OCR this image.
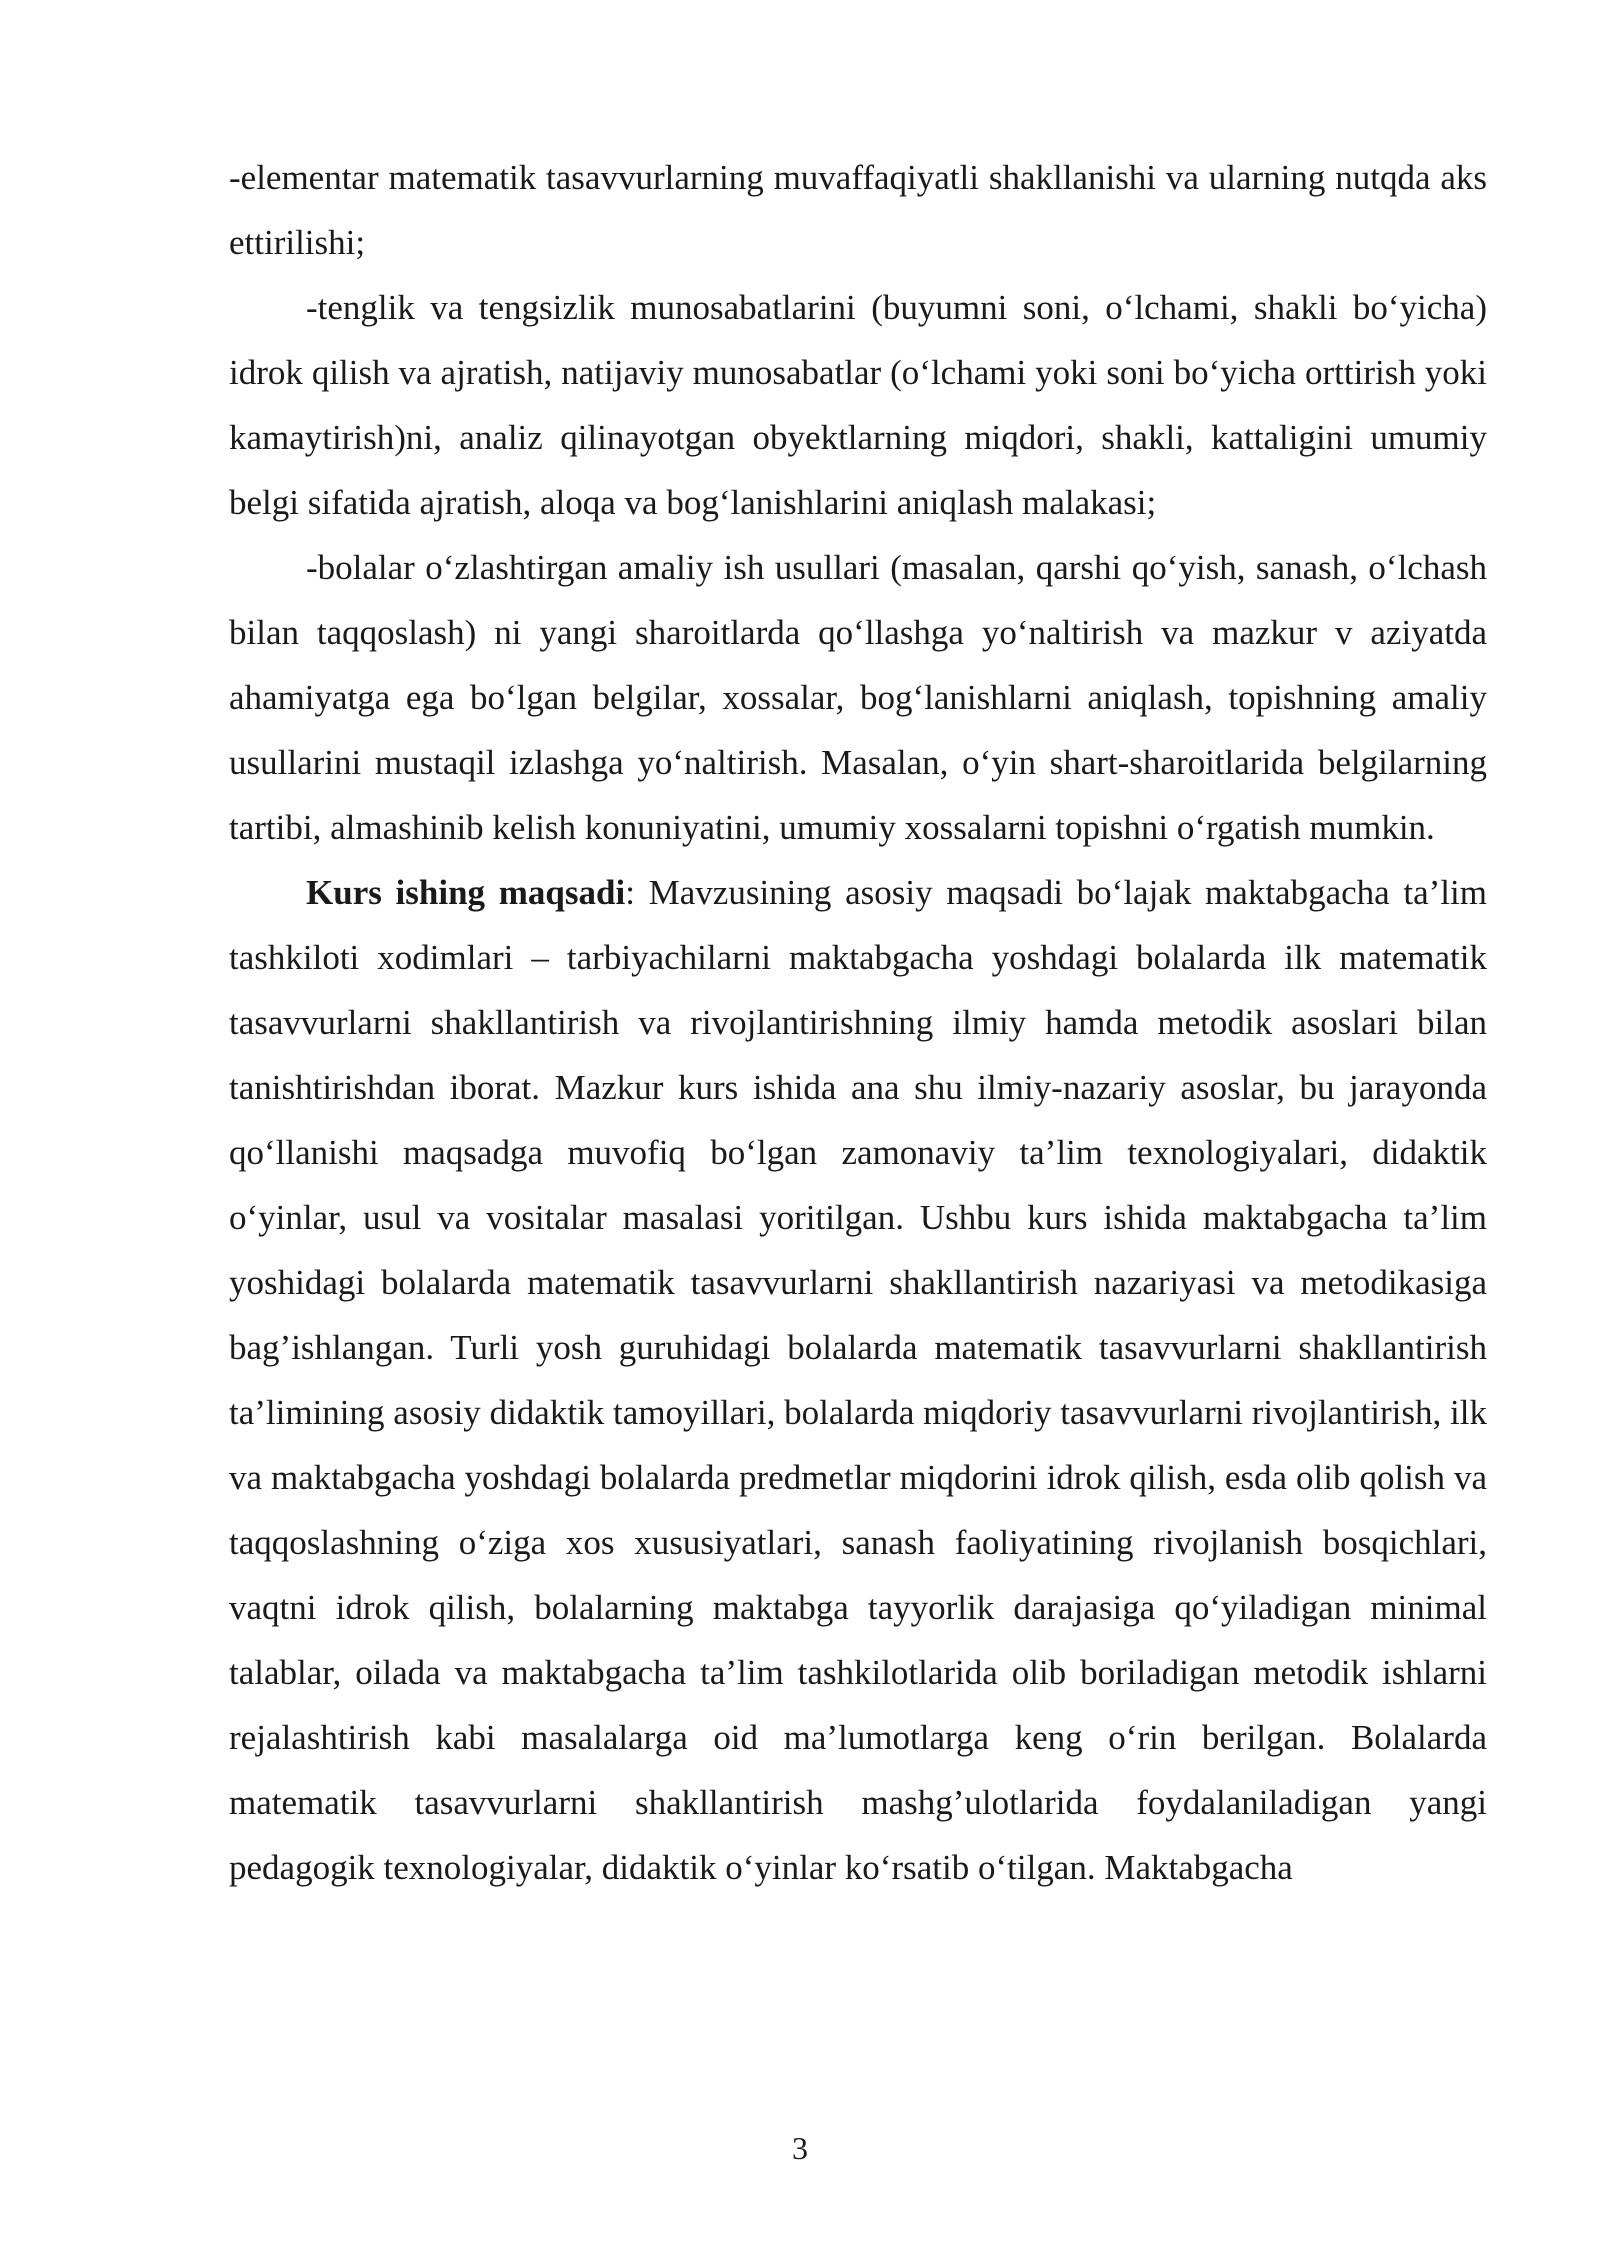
-elementar matematik tasavvurlarning muvaffaqiyatli shakllanishi va ularning nutqda aks ettirilishi;

-tenglik va tengsizlik munosabatlarini (buyumni soni, o‘lchami, shakli bo‘yicha) idrok qilish va ajratish, natijaviy munosabatlar (o‘lchami yoki soni bo‘yicha orttirish yoki kamaytirish)ni, analiz qilinayotgan obyektlarning miqdori, shakli, kattaligini umumiy belgi sifatida ajratish, aloqa va bog‘lanishlarini aniqlash malakasi;

-bolalar o‘zlashtirgan amaliy ish usullari (masalan, qarshi qo‘yish, sanash, o‘lchash bilan taqqoslash) ni yangi sharoitlarda qo‘llashga yo‘naltirish va mazkur v aziyatda ahamiyatga ega bo‘lgan belgilar, xossalar, bog‘lanishlarni aniqlash, topishning amaliy usullarini mustaqil izlashga yo‘naltirish. Masalan, o‘yin shart-sharoitlarida belgilarning tartibi, almashinib kelish konuniyatini, umumiy xossalarni topishni o‘rgatish mumkin.

Kurs ishing maqsadi: Mavzusining asosiy maqsadi bo‘lajak maktabgacha ta’lim tashkiloti xodimlari – tarbiyachilarni maktabgacha yoshdagi bolalarda ilk matematik tasavvurlarni shakllantirish va rivojlantirishning ilmiy hamda metodik asoslari bilan tanishtirishdan iborat. Mazkur kurs ishida ana shu ilmiy-nazariy asoslar, bu jarayonda qo‘llanishi maqsadga muvofiq bo‘lgan zamonaviy ta’lim texnologiyalari, didaktik o‘yinlar, usul va vositalar masalasi yoritilgan. Ushbu kurs ishida maktabgacha ta’lim yoshidagi bolalarda matematik tasavvurlarni shakllantirish nazariyasi va metodikasiga bag’ishlangan. Turli yosh guruhidagi bolalarda matematik tasavvurlarni shakllantirish ta’limining asosiy didaktik tamoyillari, bolalarda miqdoriy tasavvurlarni rivojlantirish, ilk va maktabgacha yoshdagi bolalarda predmetlar miqdorini idrok qilish, esda olib qolish va taqqoslashning o‘ziga xos xususiyatlari, sanash faoliyatining rivojlanish bosqichlari, vaqtni idrok qilish, bolalarning maktabga tayyorlik darajasiga qo‘yiladigan minimal talablar, oilada va maktabgacha ta’lim tashkilotlarida olib boriladigan metodik ishlarni rejalashtirish kabi masalalarga oid ma’lumotlarga keng o‘rin berilgan. Bolalarda matematik tasavvurlarni shakllantirish mashg’ulotlarida foydalaniladigan yangi pedagogik texnologiyalar, didaktik o‘yinlar ko‘rsatib o‘tilgan. Maktabgacha

3
